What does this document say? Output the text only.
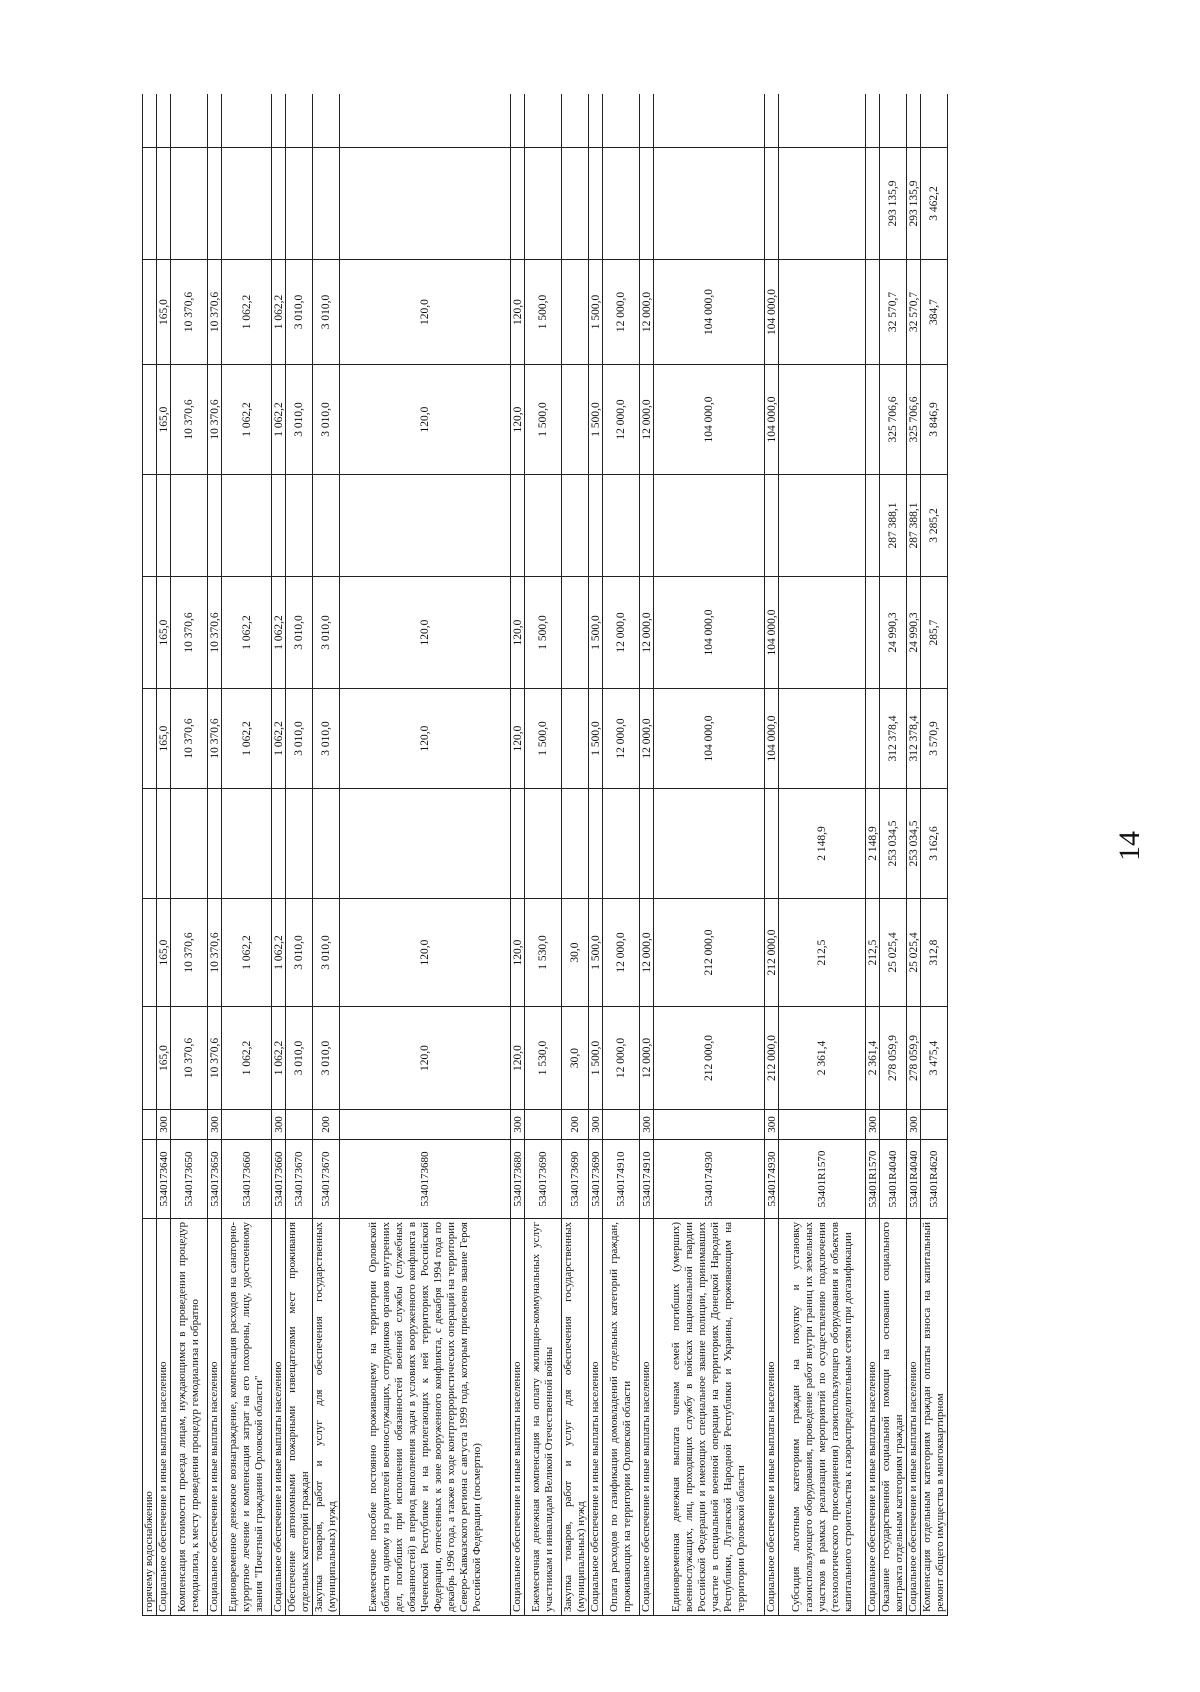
14
горячему водоснабжению												
Социальное обеспечение и иные выплаты населению	5340173640	300	165,0	165,0		165,0	165,0		165,0	165,0		
Компенсация стоимости проезда лицам, нуждающимся в проведении процедур гемодиализа, к месту проведения процедур гемодиализа и обратно	5340173650		10 370,6	10 370,6		10 370,6	10 370,6		10 370,6	10 370,6		
Социальное обеспечение и иные выплаты населению	5340173650	300	10 370,6	10 370,6		10 370,6	10 370,6		10 370,6	10 370,6		
Единовременное денежное вознаграждение, компенсация расходов на санаторно-курортное лечение и компенсация затрат на его похороны, лицу, удостоенному звания "Почетный гражданин Орловской области"	5340173660		1 062,2	1 062,2		1 062,2	1 062,2		1 062,2	1 062,2		
Социальное обеспечение и иные выплаты населению	5340173660	300	1 062,2	1 062,2		1 062,2	1 062,2		1 062,2	1 062,2		
Обеспечение автономными пожарными извещателями мест проживания отдельных категорий граждан	5340173670		3 010,0	3 010,0		3 010,0	3 010,0		3 010,0	3 010,0		
Закупка товаров, работ и услуг для обеспечения государственных (муниципальных) нужд	5340173670	200	3 010,0	3 010,0		3 010,0	3 010,0		3 010,0	3 010,0		
Ежемесячное пособие постоянно проживающему на территории Орловской области одному из родителей военнослужащих, сотрудников органов внутренних дел, погибших при исполнении обязанностей военной службы (служебных обязанностей) в период выполнения задач в условиях вооруженного конфликта в Чеченской Республике и на прилегающих к ней территориях Российской Федерации, отнесенных к зоне вооруженного конфликта, с декабря 1994 года по декабрь 1996 года, а также в ходе контртеррористических операций на территории Северо-Кавказского региона с августа 1999 года, которым присвоено звание Героя Российской Федерации (посмертно)	5340173680		120,0	120,0		120,0	120,0		120,0	120,0		
Социальное обеспечение и иные выплаты населению	5340173680	300	120,0	120,0		120,0	120,0		120,0	120,0		
Ежемесячная денежная компенсация на оплату жилищно-коммунальных услуг участникам и инвалидам Великой Отечественной войны	5340173690		1 530,0	1 530,0		1 500,0	1 500,0		1 500,0	1 500,0		
Закупка товаров, работ и услуг для обеспечения государственных (муниципальных) нужд	5340173690	200	30,0	30,0								
Социальное обеспечение и иные выплаты населению	5340173690	300	1 500,0	1 500,0		1 500,0	1 500,0		1 500,0	1 500,0		
Оплата расходов по газификации домовладений отдельных категорий граждан, проживающих на территории Орловской области	5340174910		12 000,0	12 000,0		12 000,0	12 000,0		12 000,0	12 000,0		
Социальное обеспечение и иные выплаты населению	5340174910	300	12 000,0	12 000,0		12 000,0	12 000,0		12 000,0	12 000,0		
Единовременная денежная выплата членам семей погибших (умерших) военнослужащих, лиц, проходящих службу в войсках национальной гвардии Российской Федерации и имеющих специальное звание полиции, принимавших участие в специальной военной операции на территориях Донецкой Народной Республики, Луганской Народной Республики и Украины, проживающим на территории Орловской области	5340174930		212 000,0	212 000,0		104 000,0	104 000,0		104 000,0	104 000,0		
Социальное обеспечение и иные выплаты населению	5340174930	300	212 000,0	212 000,0		104 000,0	104 000,0		104 000,0	104 000,0		
Субсидия льготным категориям граждан на покупку и установку газоиспользующего оборудования, проведение работ внутри границ их земельных участков в рамках реализации мероприятий по осуществлению подключения (технологического присоединения) газоиспользующего оборудования и объектов капитального строительства к газораспределительным сетям при догазификации	53401R1570		2 361,4	212,5	2 148,9							
Социальное обеспечение и иные выплаты населению	53401R1570	300	2 361,4	212,5	2 148,9							
Оказание государственной социальной помощи на основании социального контракта отдельным категориям граждан	53401R4040		278 059,9	25 025,4	253 034,5	312 378,4	24 990,3	287 388,1	325 706,6	32 570,7	293 135,9	
Социальное обеспечение и иные выплаты населению	53401R4040	300	278 059,9	25 025,4	253 034,5	312 378,4	24 990,3	287 388,1	325 706,6	32 570,7	293 135,9	
Компенсация отдельным категориям граждан оплаты взноса на капитальный ремонт общего имущества в многоквартирном	53401R4620		3 475,4	312,8	3 162,6	3 570,9	285,7	3 285,2	3 846,9	384,7	3 462,2	
